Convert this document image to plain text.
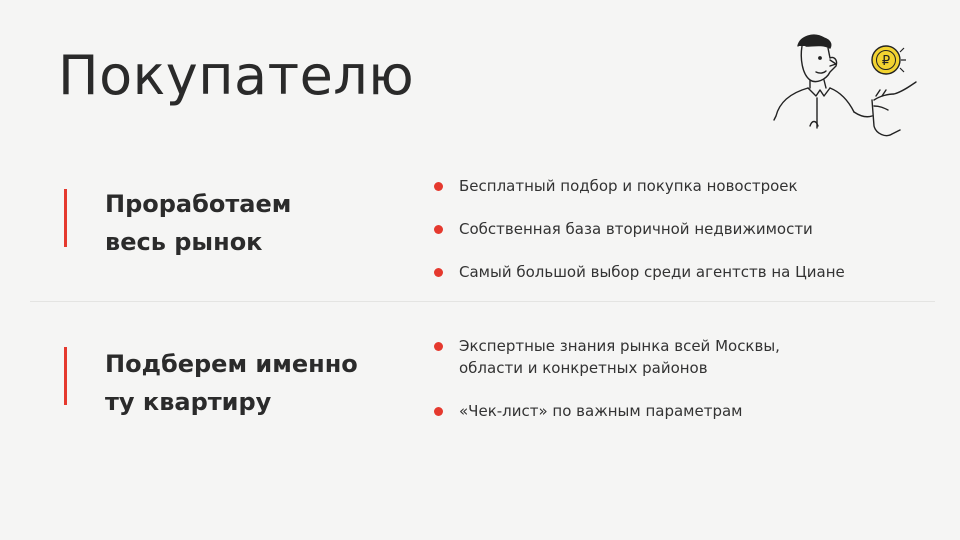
Покупателю	₽
Проработаем
весь рынок
Бесплатный подбор и покупка новостроек
Собственная база вторичной недвижимости
Самый большой выбор среди агентств на Циане
Подберем именно
ту квартиру
Экспертные знания рынка всей Москвы, области и конкретных районов
«Чек-лист» по важным параметрам
